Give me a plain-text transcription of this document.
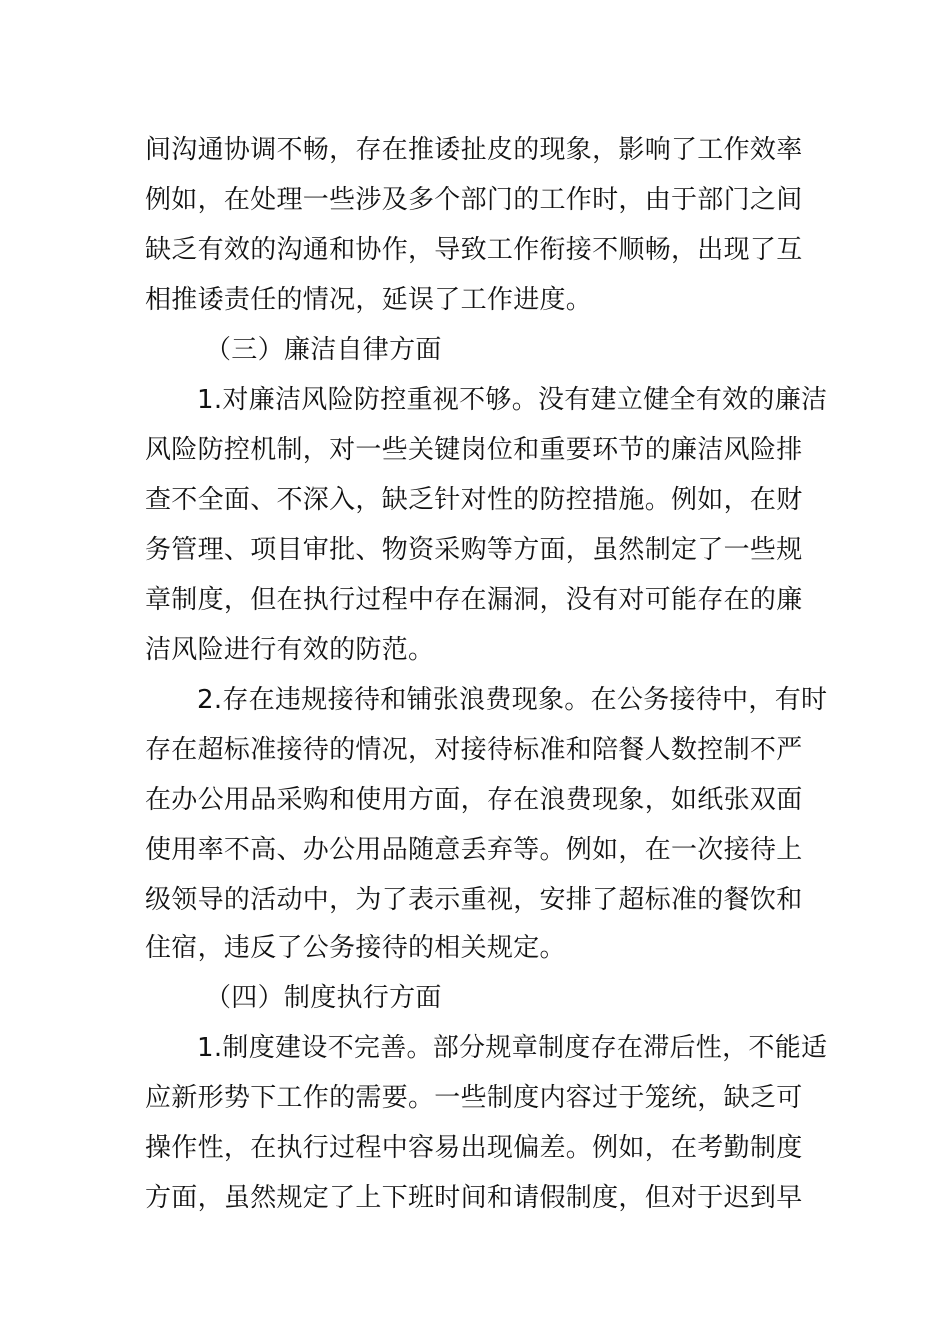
间沟通协调不畅，存在推诿扯皮的现象，影响了工作效率
例如，在处理一些涉及多个部门的工作时，由于部门之间
缺乏有效的沟通和协作，导致工作衔接不顺畅，出现了互
相推诿责任的情况，延误了工作进度。
（三）廉洁自律方面
1.对廉洁风险防控重视不够。没有建立健全有效的廉洁
风险防控机制，对一些关键岗位和重要环节的廉洁风险排
查不全面、不深入，缺乏针对性的防控措施。例如，在财
务管理、项目审批、物资采购等方面，虽然制定了一些规
章制度，但在执行过程中存在漏洞，没有对可能存在的廉
洁风险进行有效的防范。
2.存在违规接待和铺张浪费现象。在公务接待中，有时
存在超标准接待的情况，对接待标准和陪餐人数控制不严
在办公用品采购和使用方面，存在浪费现象，如纸张双面
使用率不高、办公用品随意丢弃等。例如，在一次接待上
级领导的活动中，为了表示重视，安排了超标准的餐饮和
住宿，违反了公务接待的相关规定。
（四）制度执行方面
1.制度建设不完善。部分规章制度存在滞后性，不能适
应新形势下工作的需要。一些制度内容过于笼统，缺乏可
操作性，在执行过程中容易出现偏差。例如，在考勤制度
方面，虽然规定了上下班时间和请假制度，但对于迟到早
